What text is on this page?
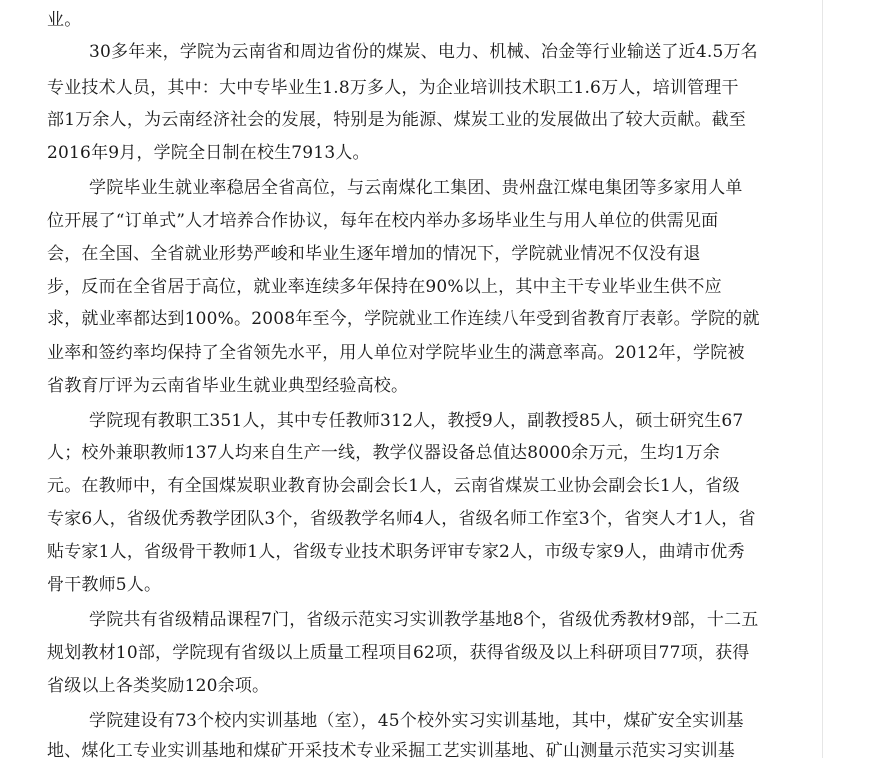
业。
30多年来，学院为云南省和周边省份的煤炭、电力、机械、冶金等行业输送了近4.5万名
专业技术人员，其中：大中专毕业生1.8万多人，为企业培训技术职工1.6万人，培训管理干
部1万余人，为云南经济社会的发展，特别是为能源、煤炭工业的发展做出了较大贡献。截至
2016年9月，学院全日制在校生7913人。
学院毕业生就业率稳居全省高位，与云南煤化工集团、贵州盘江煤电集团等多家用人单
位开展了“订单式”人才培养合作协议，每年在校内举办多场毕业生与用人单位的供需见面
会，在全国、全省就业形势严峻和毕业生逐年增加的情况下，学院就业情况不仅没有退
步，反而在全省居于高位，就业率连续多年保持在90%以上，其中主干专业毕业生供不应
求，就业率都达到100%。2008年至今，学院就业工作连续八年受到省教育厅表彰。学院的就
业率和签约率均保持了全省领先水平，用人单位对学院毕业生的满意率高。2012年，学院被
省教育厅评为云南省毕业生就业典型经验高校。
学院现有教职工351人，其中专任教师312人，教授9人，副教授85人，硕士研究生67
人；校外兼职教师137人均来自生产一线，教学仪器设备总值达8000余万元，生均1万余
元。在教师中，有全国煤炭职业教育协会副会长1人，云南省煤炭工业协会副会长1人，省级
专家6人，省级优秀教学团队3个，省级教学名师4人，省级名师工作室3个，省突人才1人，省
贴专家1人，省级骨干教师1人，省级专业技术职务评审专家2人，市级专家9人，曲靖市优秀
骨干教师5人。
学院共有省级精品课程7门，省级示范实习实训教学基地8个，省级优秀教材9部，十二五
规划教材10部，学院现有省级以上质量工程项目62项，获得省级及以上科研项目77项，获得
省级以上各类奖励120余项。
学院建设有73个校内实训基地（室），45个校外实习实训基地，其中，煤矿安全实训基
地、煤化工专业实训基地和煤矿开采技术专业采掘工艺实训基地、矿山测量示范实习实训基
